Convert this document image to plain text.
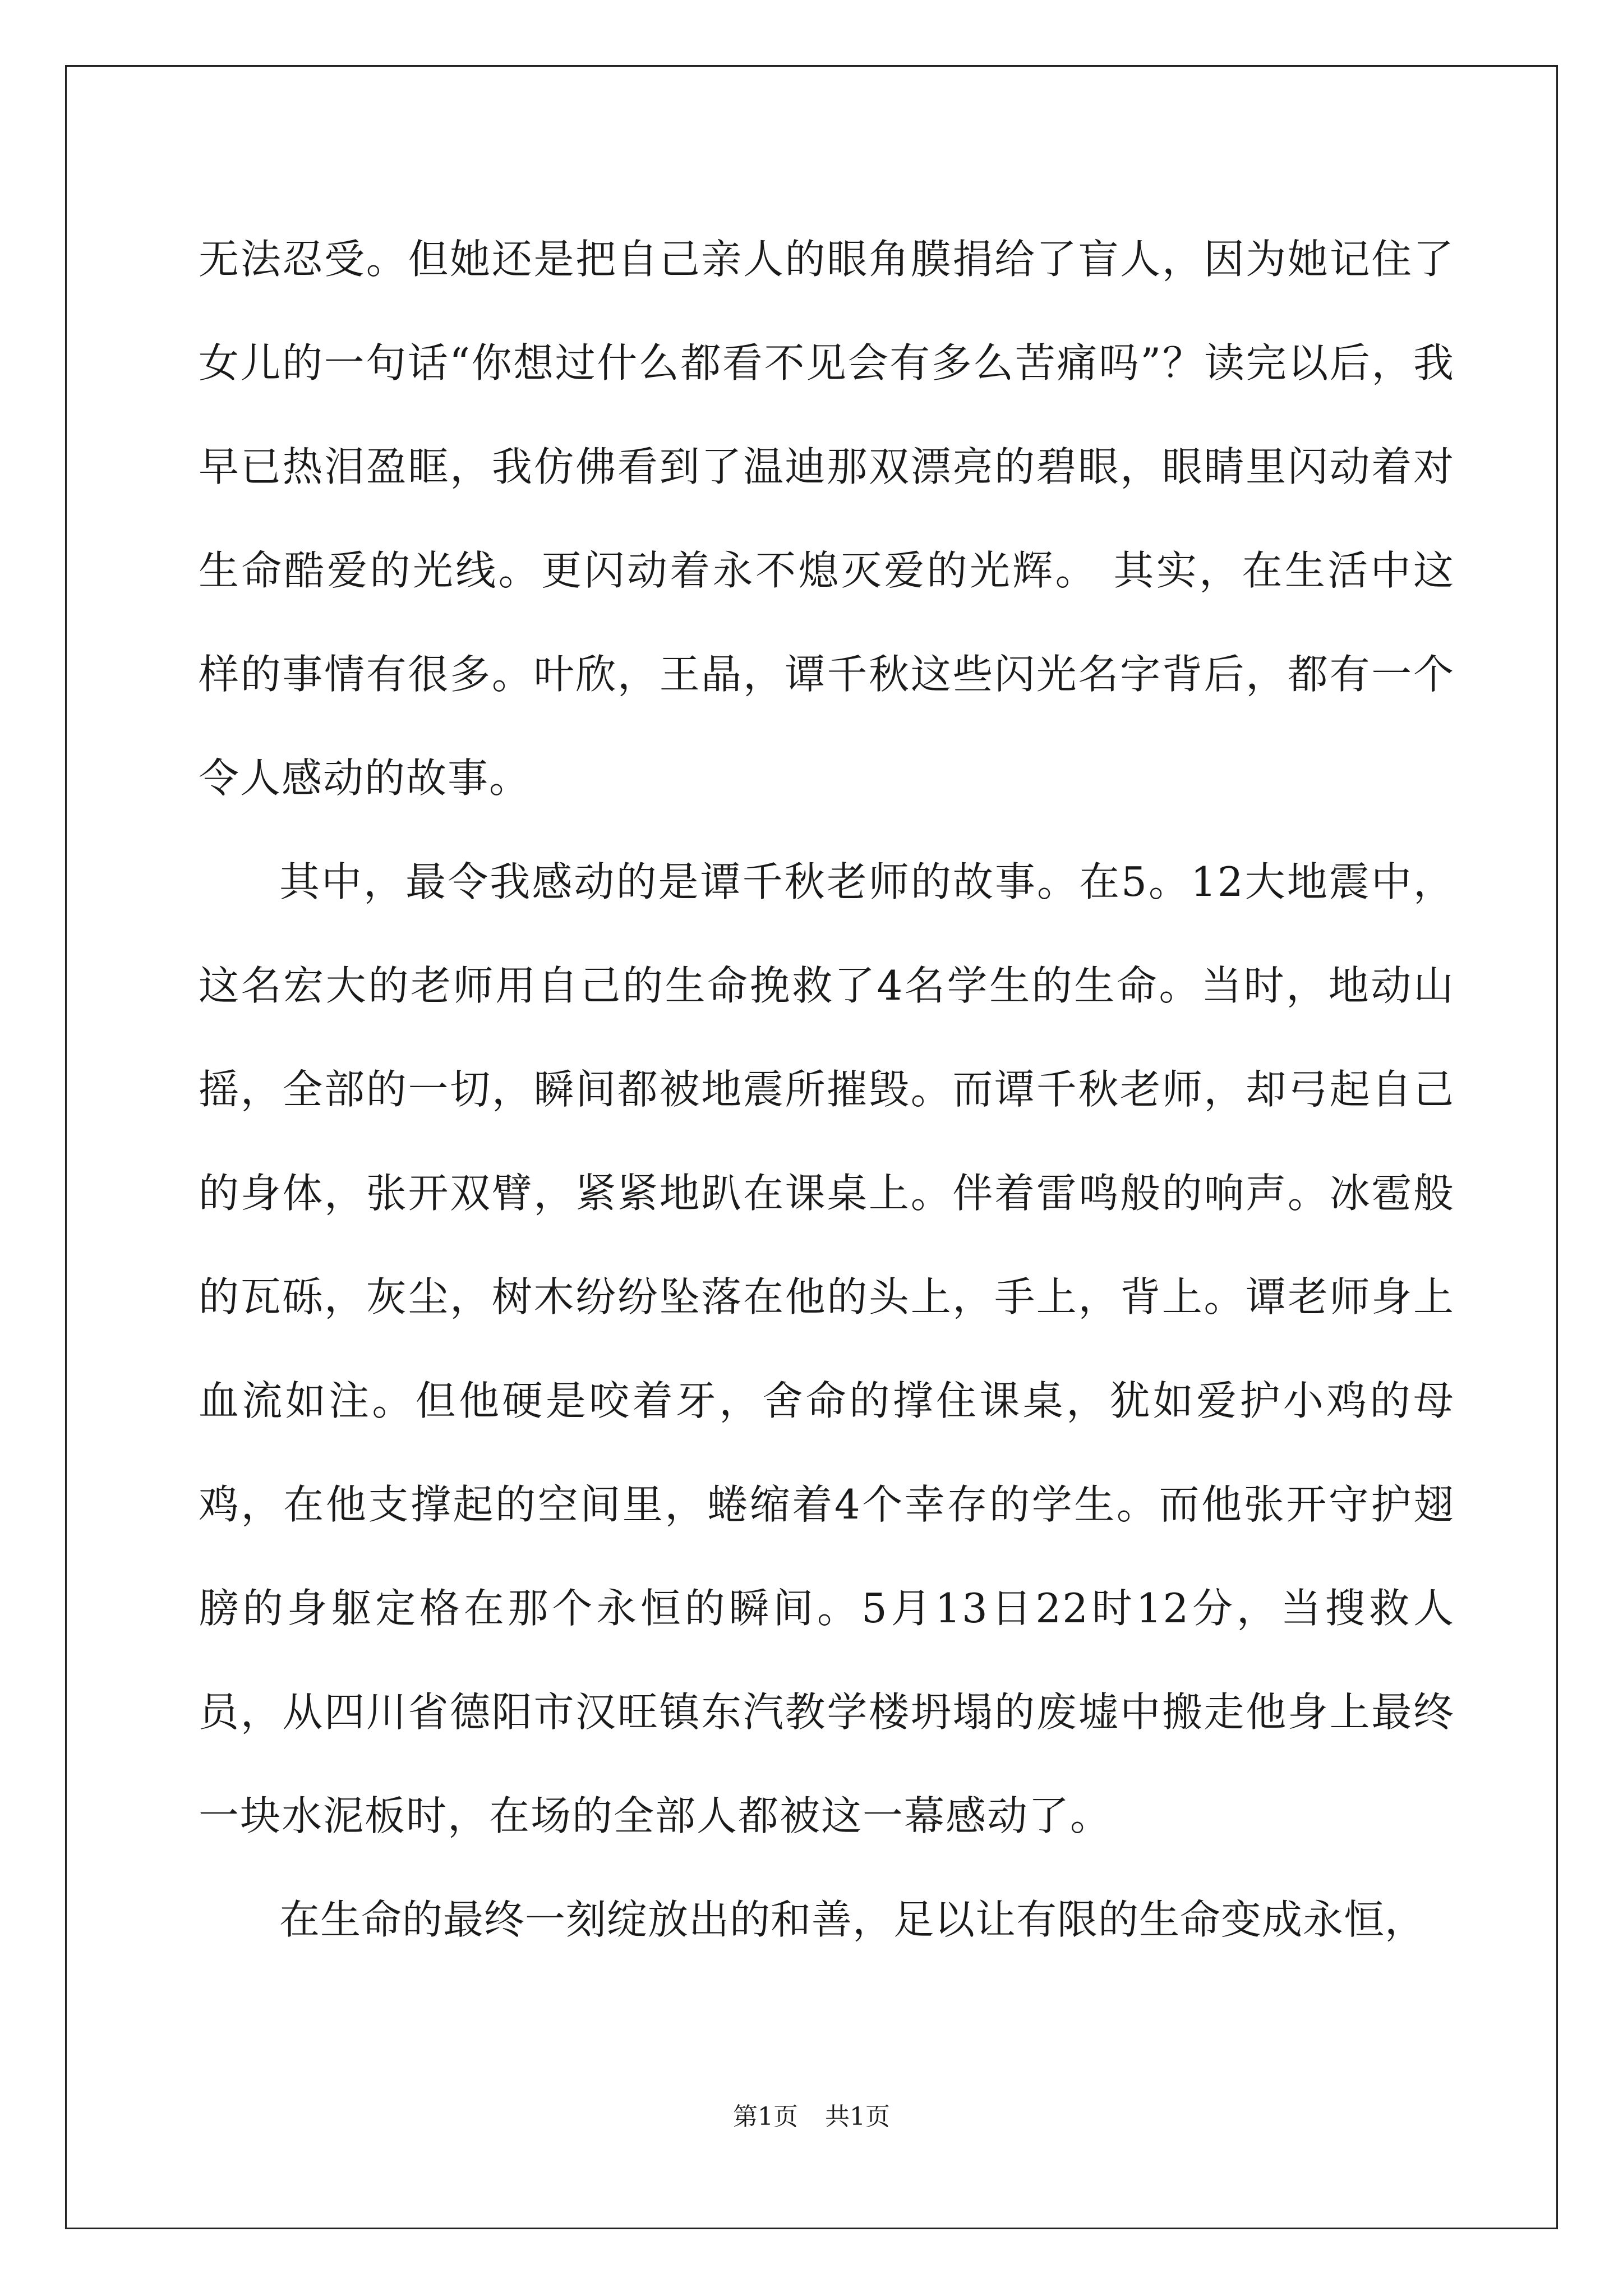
无法忍受。但她还是把自己亲人的眼角膜捐给了盲人，因为她记住了女儿的一句话“你想过什么都看不见会有多么苦痛吗”？读完以后，我早已热泪盈眶，我仿佛看到了温迪那双漂亮的碧眼，眼睛里闪动着对生命酷爱的光线。更闪动着永不熄灭爱的光辉。 其实，在生活中这样的事情有很多。叶欣，王晶，谭千秋这些闪光名字背后，都有一个令人感动的故事。

其中，最令我感动的是谭千秋老师的故事。在5。12大地震中，这名宏大的老师用自己的生命挽救了4名学生的生命。当时，地动山摇，全部的一切，瞬间都被地震所摧毁。而谭千秋老师，却弓起自己的身体，张开双臂，紧紧地趴在课桌上。伴着雷鸣般的响声。冰雹般的瓦砾，灰尘，树木纷纷坠落在他的头上，手上，背上。谭老师身上血流如注。但他硬是咬着牙，舍命的撑住课桌，犹如爱护小鸡的母鸡，在他支撑起的空间里，蜷缩着4个幸存的学生。而他张开守护翅膀的身躯定格在那个永恒的瞬间。5月13日22时12分，当搜救人员，从四川省德阳市汉旺镇东汽教学楼坍塌的废墟中搬走他身上最终一块水泥板时，在场的全部人都被这一幕感动了。

在生命的最终一刻绽放出的和善，足以让有限的生命变成永恒，

第1页 共1页
